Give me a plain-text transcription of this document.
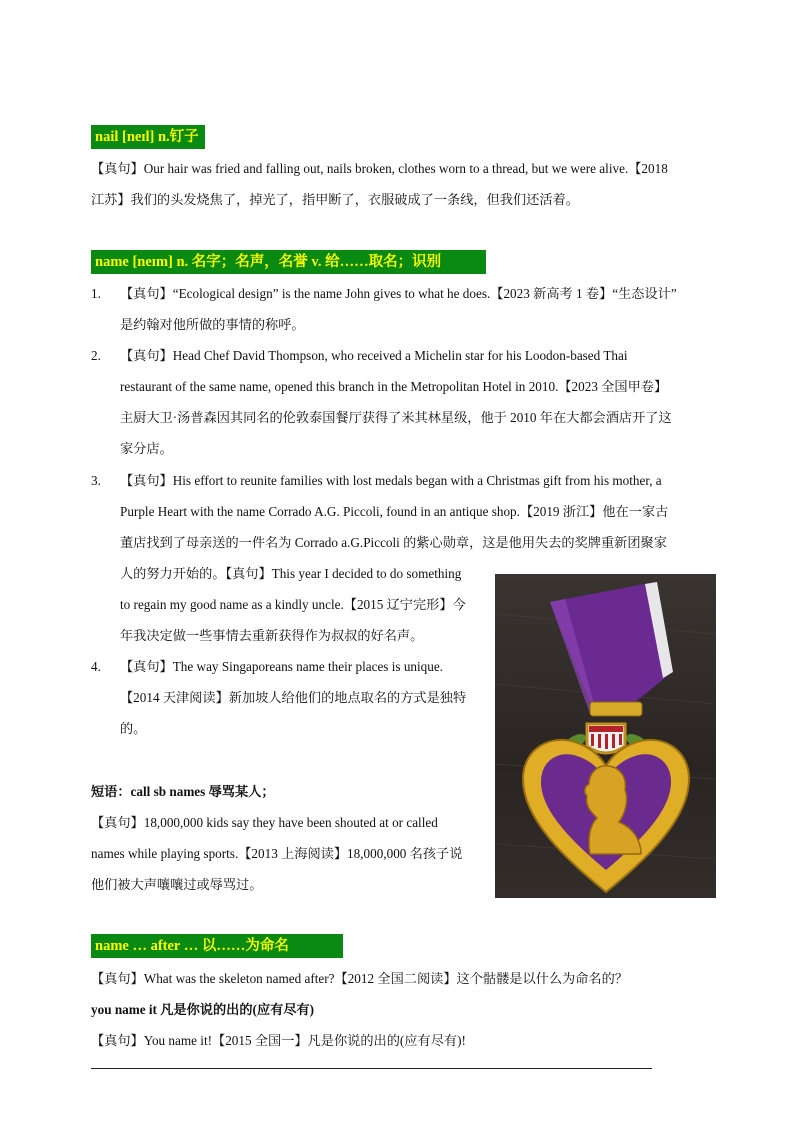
nail [neɪl] n.钉子
【真句】Our hair was fried and falling out, nails broken, clothes worn to a thread, but we were alive.【2018
江苏】我们的头发烧焦了，掉光了，指甲断了，衣服破成了一条线，但我们还活着。
name [neɪm] n. 名字；名声，名誉 v. 给……取名；识别
1.	【真句】“Ecological design” is the name John gives to what he does.【2023 新高考 1 卷】“生态设计”
是约翰对他所做的事情的称呼。
2.	【真句】Head Chef David Thompson, who received a Michelin star for his Loodon-based Thai
restaurant of the same name, opened this branch in the Metropolitan Hotel in 2010.【2023 全国甲卷】
主厨大卫·汤普森因其同名的伦敦泰国餐厅获得了米其林星级，他于 2010 年在大都会酒店开了这
家分店。
3.	【真句】His effort to reunite families with lost medals began with a Christmas gift from his mother, a
Purple Heart with the name Corrado A.G. Piccoli, found in an antique shop.【2019 浙江】他在一家古
董店找到了母亲送的一件名为 Corrado a.G.Piccoli 的紫心勋章，这是他用失去的奖牌重新团聚家
人的努力开始的。【真句】This year I decided to do something
to regain my good name as a kindly uncle.【2015 辽宁完形】今
年我决定做一些事情去重新获得作为叔叔的好名声。
4.	【真句】The way Singaporeans name their places is unique.
【2014 天津阅读】新加坡人给他们的地点取名的方式是独特
的。
短语：call sb names 辱骂某人；
【真句】18,000,000 kids say they have been shouted at or called
names while playing sports.【2013 上海阅读】18,000,000 名孩子说
他们被大声嚷嚷过或辱骂过。
name … after … 以……为命名
【真句】What was the skeleton named after?【2012 全国二阅读】这个骷髅是以什么为命名的？
you name it 凡是你说的出的(应有尽有)
【真句】You name it!【2015 全国一】凡是你说的出的(应有尽有)!
